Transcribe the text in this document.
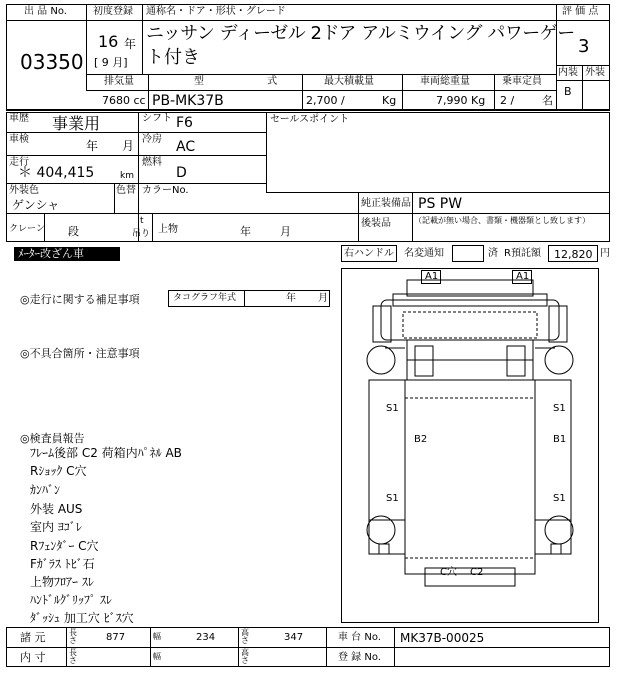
出 品 No.
03350
初度登録
16 年
[ 9 月]
通称名・ドア・形状・グレード
ニッサン ディーゼル 2ドア アルミウイング パワーゲー
ト付き
評 価 点
3
内装 外装
B
排気量
7680 cc
型 式
PB-MK37B
最大積載量
2,700 /	Kg
車両総重量
7,990 Kg
乗車定員
2 /	名
車歴 事業用	シフト F6
車検	年 月 冷房 AC
走行
＊ 404,415	km
燃料
D
外装色
ゲンシャ
色替 カラーNo.
セールスポイント
純正装備品 PS PW
後装品	（記載が無い場合、書類・機器類とし致します）
クレーン 段
t
吊り 上物	年	月
ﾒｰﾀｰ改ざん車	右ハンドル 名変通知	済 R預託額 12,820 円
◎走行に関する補足事項	タコグラフ年式	年 月
◎不具合箇所・注意事項
◎検査員報告
ﾌﾚｰﾑ後部 C2 荷箱内ﾊﾟﾈﾙ AB
Rｼｮｯｸ C穴
ｶﾝﾊﾞﾝ
外装 AUS
室内 ﾖｺﾞﾚ
Rﾌｪﾝﾀﾞｰ C穴
Fｶﾞﾗｽ ﾄﾋﾞ石
上物ﾌﾛｱｰ ｽﾚ
ﾊﾝﾄﾞﾙｸﾞﾘｯﾌﾟ ｽﾚ
ﾀﾞｯｼｭ 加工穴 ﾋﾞｽ穴
A1	A1
S1	S1
B2	B1
S1	S1
C穴 C2
諸 元	長さ	877	幅	234	高さ	347	車 台 No. MK37B-00025
内 寸	長さ	幅	高さ	登 録 No.
